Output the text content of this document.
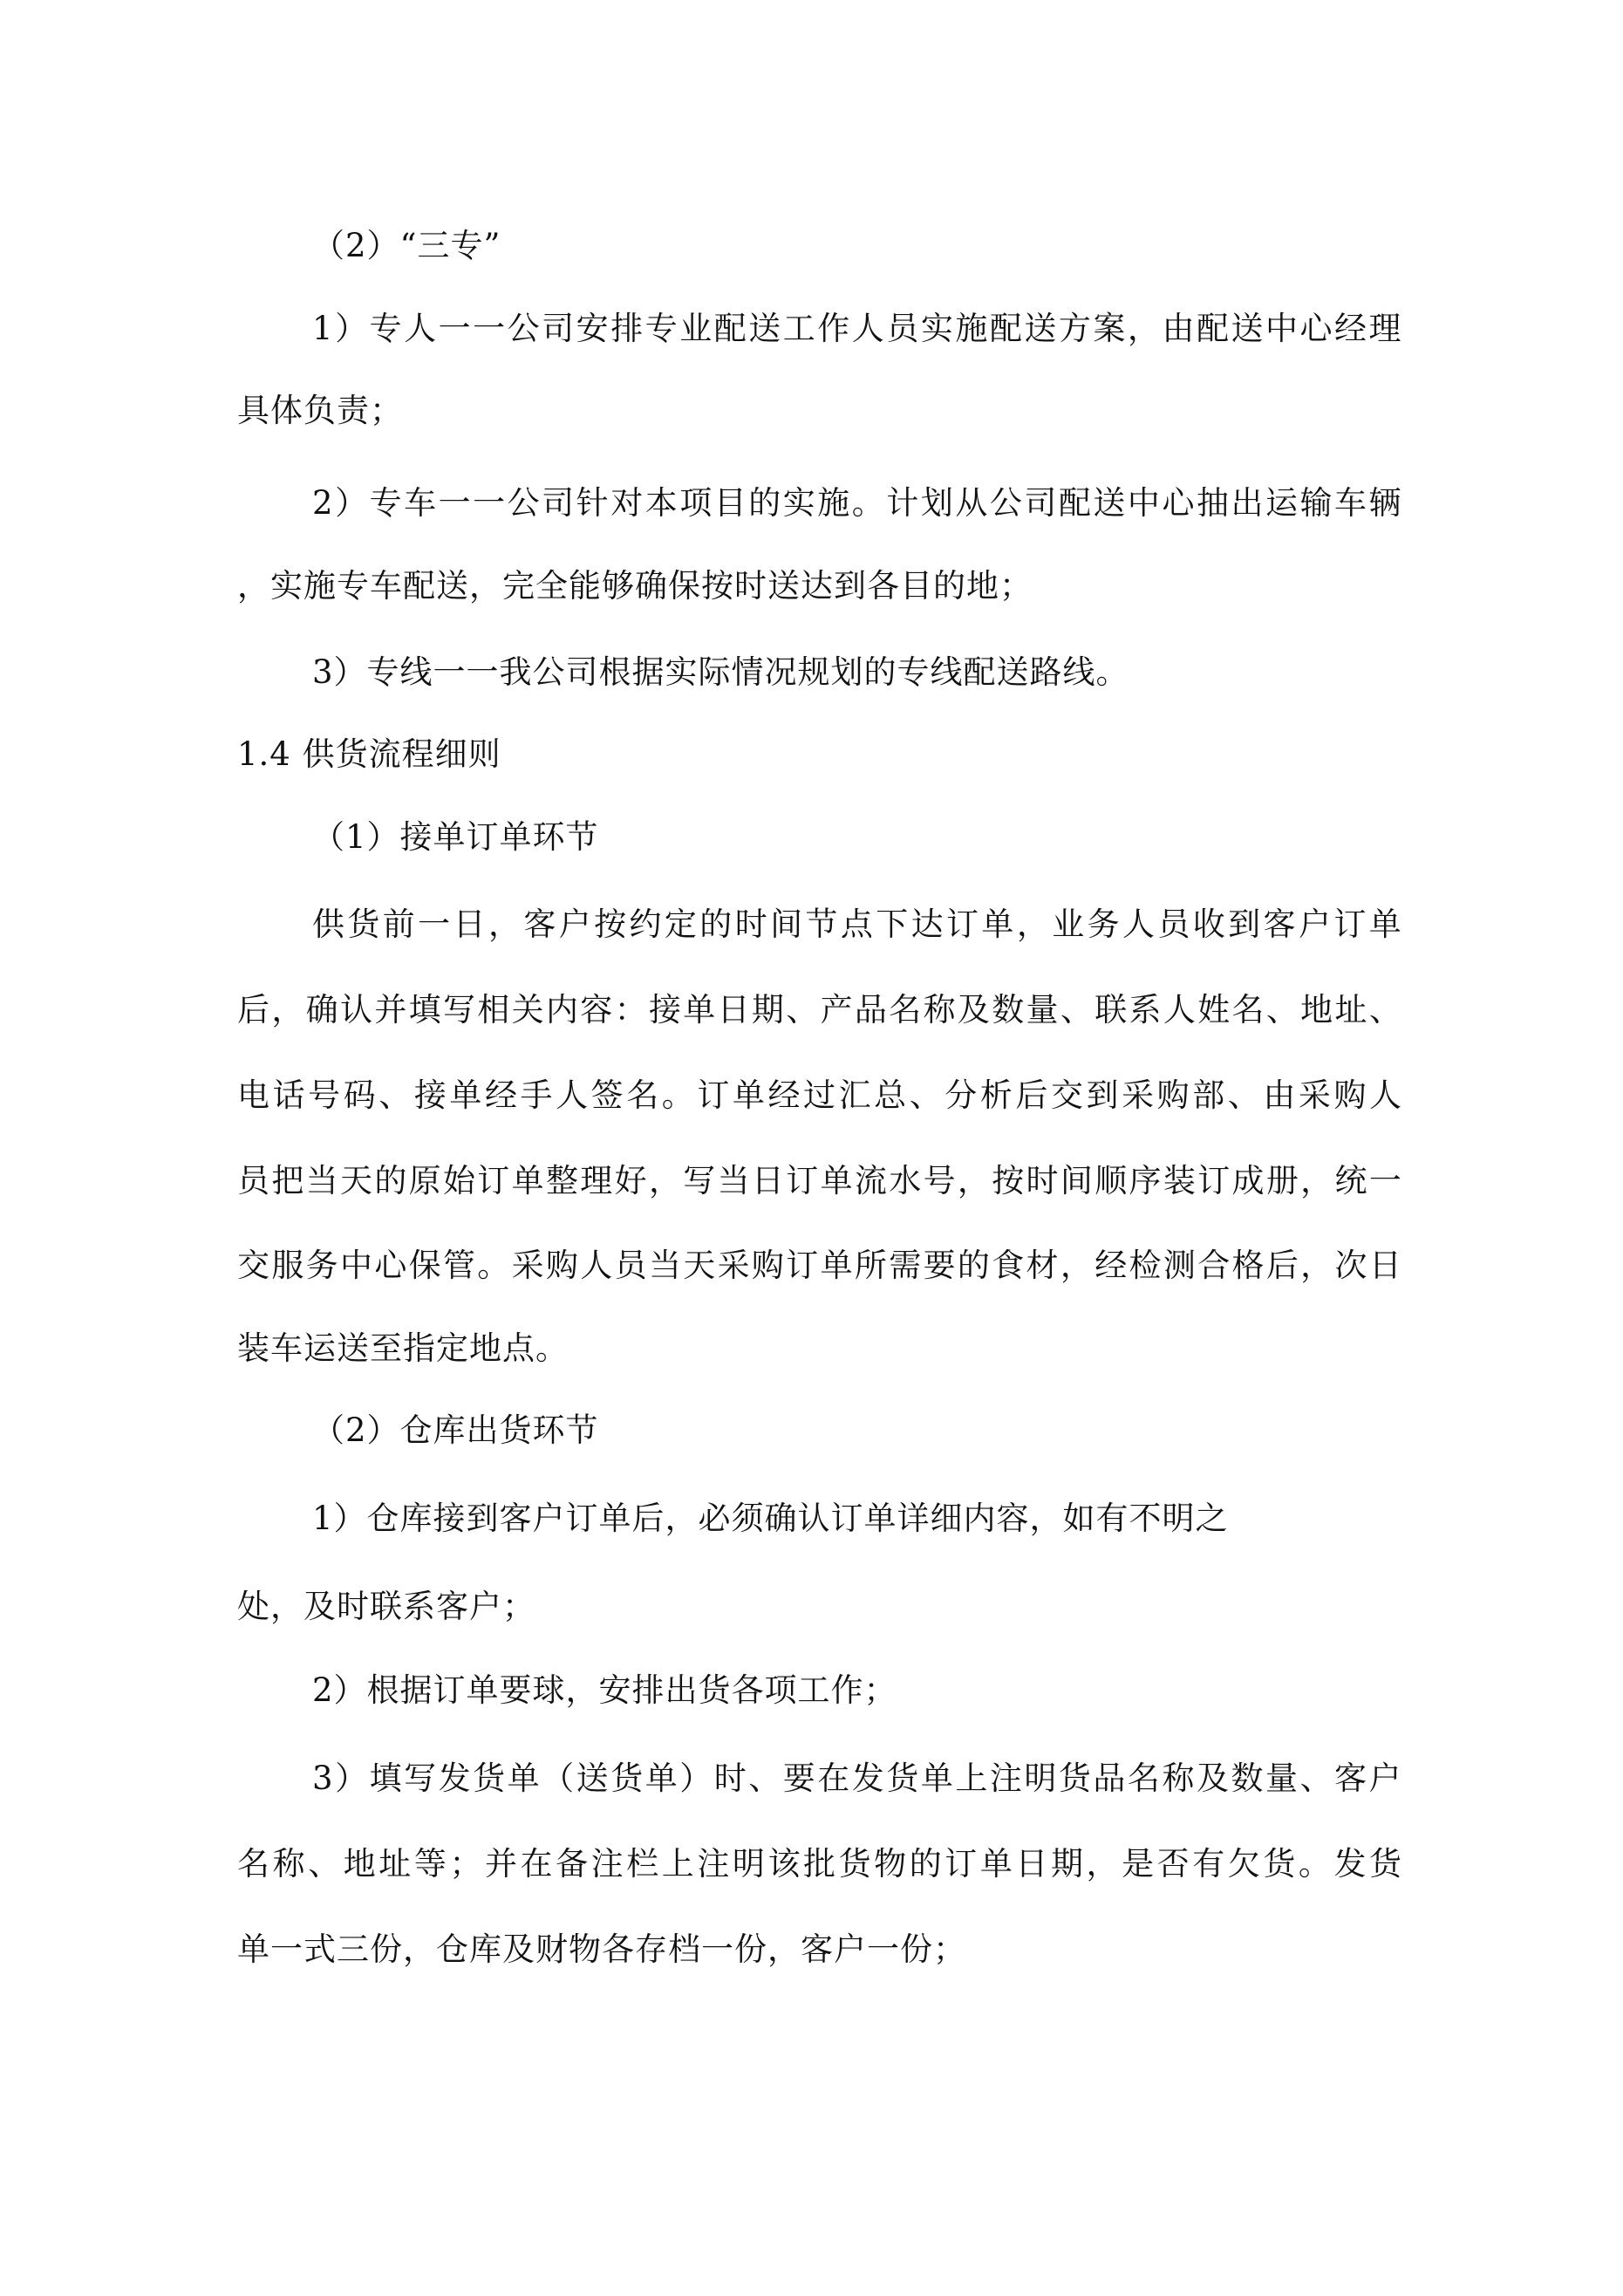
（2）“三专”
1 ） 专 人 一 一 公 司 安 排 专 业 配 送 工 作 人 员 实 施 配 送 方 案 ， 由 配 送 中 心 经 理
具体负责；
2 ） 专 车 一 一 公 司 针 对 本 项 目 的 实 施 。 计 划 从 公 司 配 送 中 心 抽 出 运 输 车 辆
，实施专车配送，完全能够确保按时送达到各目的地；
3）专线一一我公司根据实际情况规划的专线配送路线。
1.4 供货流程细则
（1）接单订单环节
供 货 前 一 日 ， 客 户 按 约 定 的 时 间 节 点 下 达 订 单 ， 业 务 人 员 收 到 客 户 订 单
后 ， 确 认 并 填 写 相 关 内 容 ： 接 单 日 期 、 产 品 名 称 及 数 量 、 联 系 人 姓 名 、 地 址 、
电 话 号 码 、 接 单 经 手 人 签 名 。 订 单 经 过 汇 总 、 分 析 后 交 到 采 购 部 、 由 采 购 人
员 把 当 天 的 原 始 订 单 整 理 好 ， 写 当 日 订 单 流 水 号 ， 按 时 间 顺 序 装 订 成 册 ， 统 一
交 服 务 中 心 保 管 。 采 购 人 员 当 天 采 购 订 单 所 需 要 的 食 材 ， 经 检 测 合 格 后 ， 次 日
装车运送至指定地点。
（2）仓库出货环节
1）仓库接到客户订单后，必须确认订单详细内容，如有不明之
处，及时联系客户；
2）根据订单要球，安排出货各项工作；
3 ） 填 写 发 货 单 （ 送 货 单 ） 时 、 要 在 发 货 单 上 注 明 货 品 名 称 及 数 量 、 客 户
名 称 、 地 址 等 ； 并 在 备 注 栏 上 注 明 该 批 货 物 的 订 单 日 期 ， 是 否 有 欠 货 。 发 货
单一式三份，仓库及财物各存档一份，客户一份；
